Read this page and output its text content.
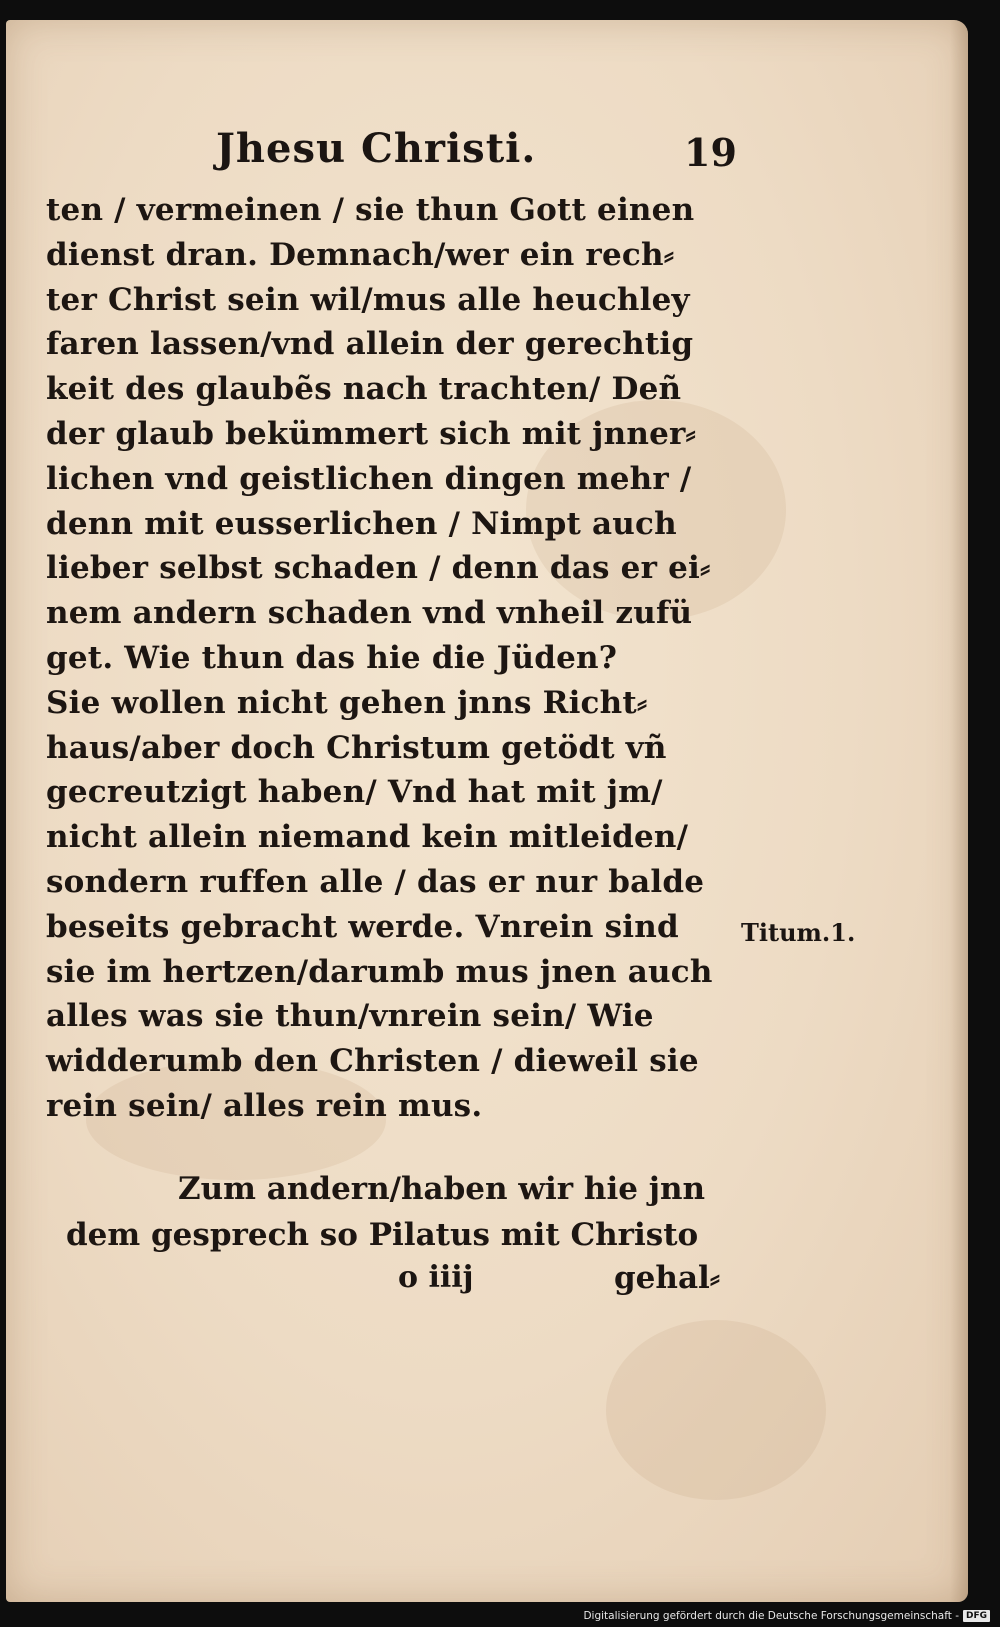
Jhesu Christi.	19
ten / vermeinen / sie thun Gott einen
dienst dran. Demnach/wer ein rech⸗
ter Christ sein wil/mus alle heuchley
faren lassen/vnd allein der gerechtig
keit des glaubẽs nach trachten/ Deñ
der glaub bekümmert sich mit jnner⸗
lichen vnd geistlichen dingen mehr /
denn mit eusserlichen / Nimpt auch
lieber selbst schaden / denn das er ei⸗
nem andern schaden vnd vnheil zufü
get. Wie thun das hie die Jüden?
Sie wollen nicht gehen jnns Richt⸗
haus/aber doch Christum getödt vñ
gecreutzigt haben/ Vnd hat mit jm/
nicht allein niemand kein mitleiden/
sondern ruffen alle / das er nur balde
beseits gebracht werde. Vnrein sind
sie im hertzen/darumb mus jnen auch
alles was sie thun/vnrein sein/ Wie
widderumb den Christen / dieweil sie
rein sein/ alles rein mus.
Titum.1.
Zum andern/haben wir hie jnn
dem gesprech so Pilatus mit Christo
o iiij	gehal⸗
Digitalisierung gefördert durch die Deutsche Forschungsgemeinschaft - DFG
